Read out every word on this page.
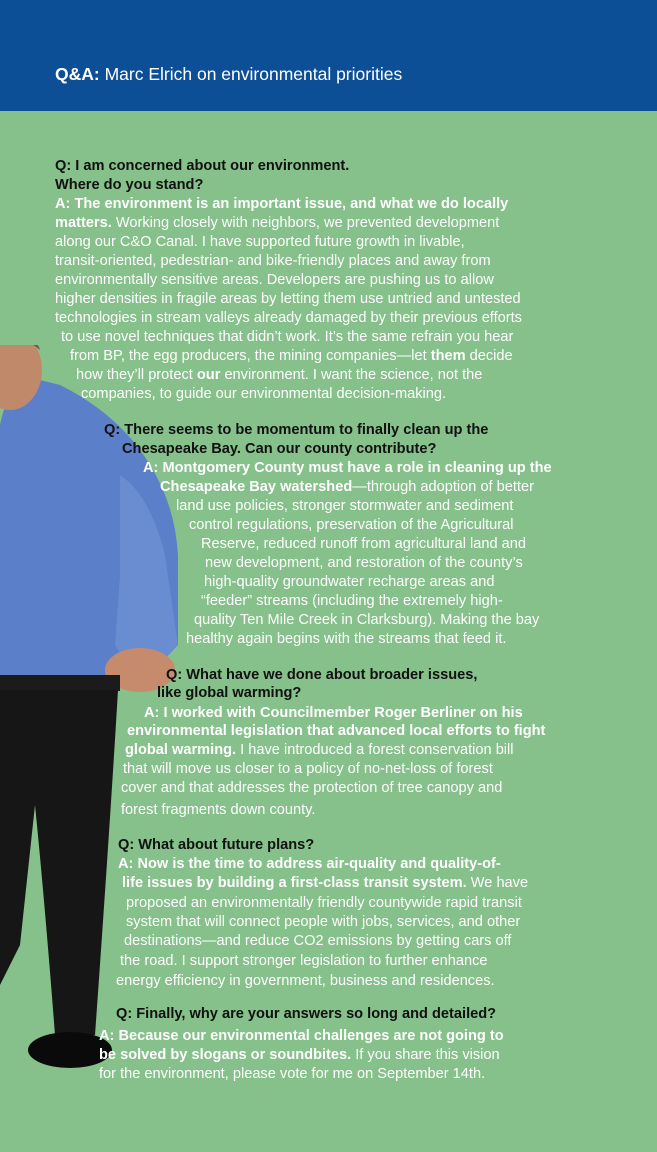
Q&A: Marc Elrich on environmental priorities
Q: I am concerned about our environment.
Where do you stand?
A: The environment is an important issue, and what we do locally
matters. Working closely with neighbors, we prevented development
along our C&O Canal. I have supported future growth in livable,
transit-oriented, pedestrian- and bike-friendly places and away from
environmentally sensitive areas. Developers are pushing us to allow
higher densities in fragile areas by letting them use untried and untested
technologies in stream valleys already damaged by their previous efforts
to use novel techniques that didn’t work. It’s the same refrain you hear
from BP, the egg producers, the mining companies—let them decide
how they’ll protect our environment. I want the science, not the
companies, to guide our environmental decision-making.
Q: There seems to be momentum to finally clean up the
Chesapeake Bay. Can our county contribute?
A: Montgomery County must have a role in cleaning up the
Chesapeake Bay watershed—through adoption of better
land use policies, stronger stormwater and sediment
control regulations, preservation of the Agricultural
Reserve, reduced runoff from agricultural land and
new development, and restoration of the county’s
high-quality groundwater recharge areas and
“feeder” streams (including the extremely high-
quality Ten Mile Creek in Clarksburg). Making the bay
healthy again begins with the streams that feed it.
Q: What have we done about broader issues,
like global warming?
A: I worked with Councilmember Roger Berliner on his
environmental legislation that advanced local efforts to fight
global warming. I have introduced a forest conservation bill
that will move us closer to a policy of no-net-loss of forest
cover and that addresses the protection of tree canopy and
forest fragments down county.
Q: What about future plans?
A: Now is the time to address air-quality and quality-of-
life issues by building a first-class transit system. We have
proposed an environmentally friendly countywide rapid transit
system that will connect people with jobs, services, and other
destinations—and reduce CO2 emissions by getting cars off
the road. I support stronger legislation to further enhance
energy efficiency in government, business and residences.
Q: Finally, why are your answers so long and detailed?
A: Because our environmental challenges are not going to
be solved by slogans or soundbites. If you share this vision
for the environment, please vote for me on September 14th.
